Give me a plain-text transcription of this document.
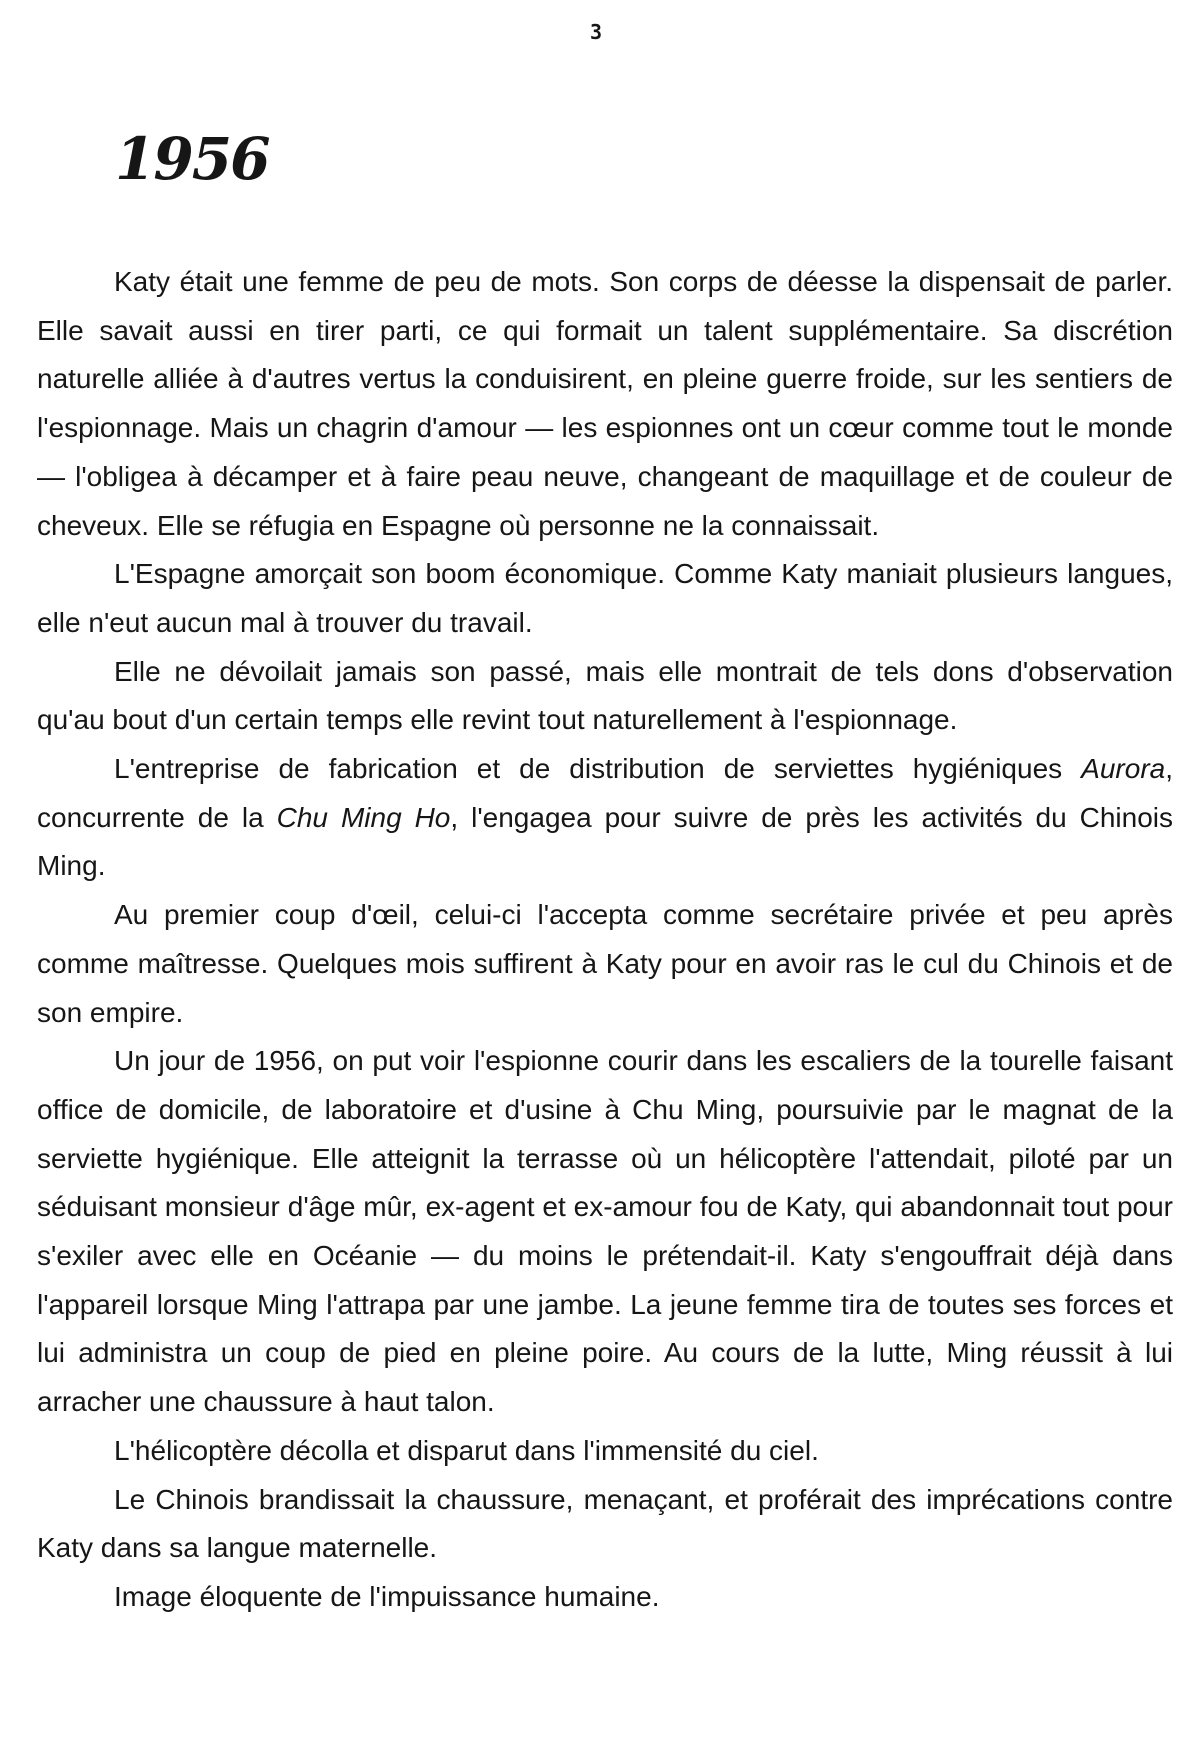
3
1956

Katy était une femme de peu de mots. Son corps de déesse la dispensait de parler. Elle savait aussi en tirer parti, ce qui formait un talent supplémentaire. Sa discrétion naturelle alliée à d'autres vertus la conduisirent, en pleine guerre froide, sur les sentiers de l'espionnage. Mais un chagrin d'amour — les espionnes ont un cœur comme tout le monde — l'obligea à décamper et à faire peau neuve, changeant de maquillage et de couleur de cheveux. Elle se réfugia en Espagne où personne ne la connaissait.

L'Espagne amorçait son boom économique. Comme Katy maniait plusieurs langues, elle n'eut aucun mal à trouver du travail.

Elle ne dévoilait jamais son passé, mais elle montrait de tels dons d'observation qu'au bout d'un certain temps elle revint tout naturellement à l'espionnage.

L'entreprise de fabrication et de distribution de serviettes hygiéniques Aurora, concurrente de la Chu Ming Ho, l'engagea pour suivre de près les activités du Chinois Ming.

Au premier coup d'œil, celui-ci l'accepta comme secrétaire privée et peu après comme maîtresse. Quelques mois suffirent à Katy pour en avoir ras le cul du Chinois et de son empire.

Un jour de 1956, on put voir l'espionne courir dans les escaliers de la tourelle faisant office de domicile, de laboratoire et d'usine à Chu Ming, poursuivie par le magnat de la serviette hygiénique. Elle atteignit la terrasse où un hélicoptère l'attendait, piloté par un séduisant monsieur d'âge mûr, ex-agent et ex-amour fou de Katy, qui abandonnait tout pour s'exiler avec elle en Océanie — du moins le prétendait-il. Katy s'engouffrait déjà dans l'appareil lorsque Ming l'attrapa par une jambe. La jeune femme tira de toutes ses forces et lui administra un coup de pied en pleine poire. Au cours de la lutte, Ming réussit à lui arracher une chaussure à haut talon.

L'hélicoptère décolla et disparut dans l'immensité du ciel.

Le Chinois brandissait la chaussure, menaçant, et proférait des imprécations contre Katy dans sa langue maternelle.

Image éloquente de l'impuissance humaine.
